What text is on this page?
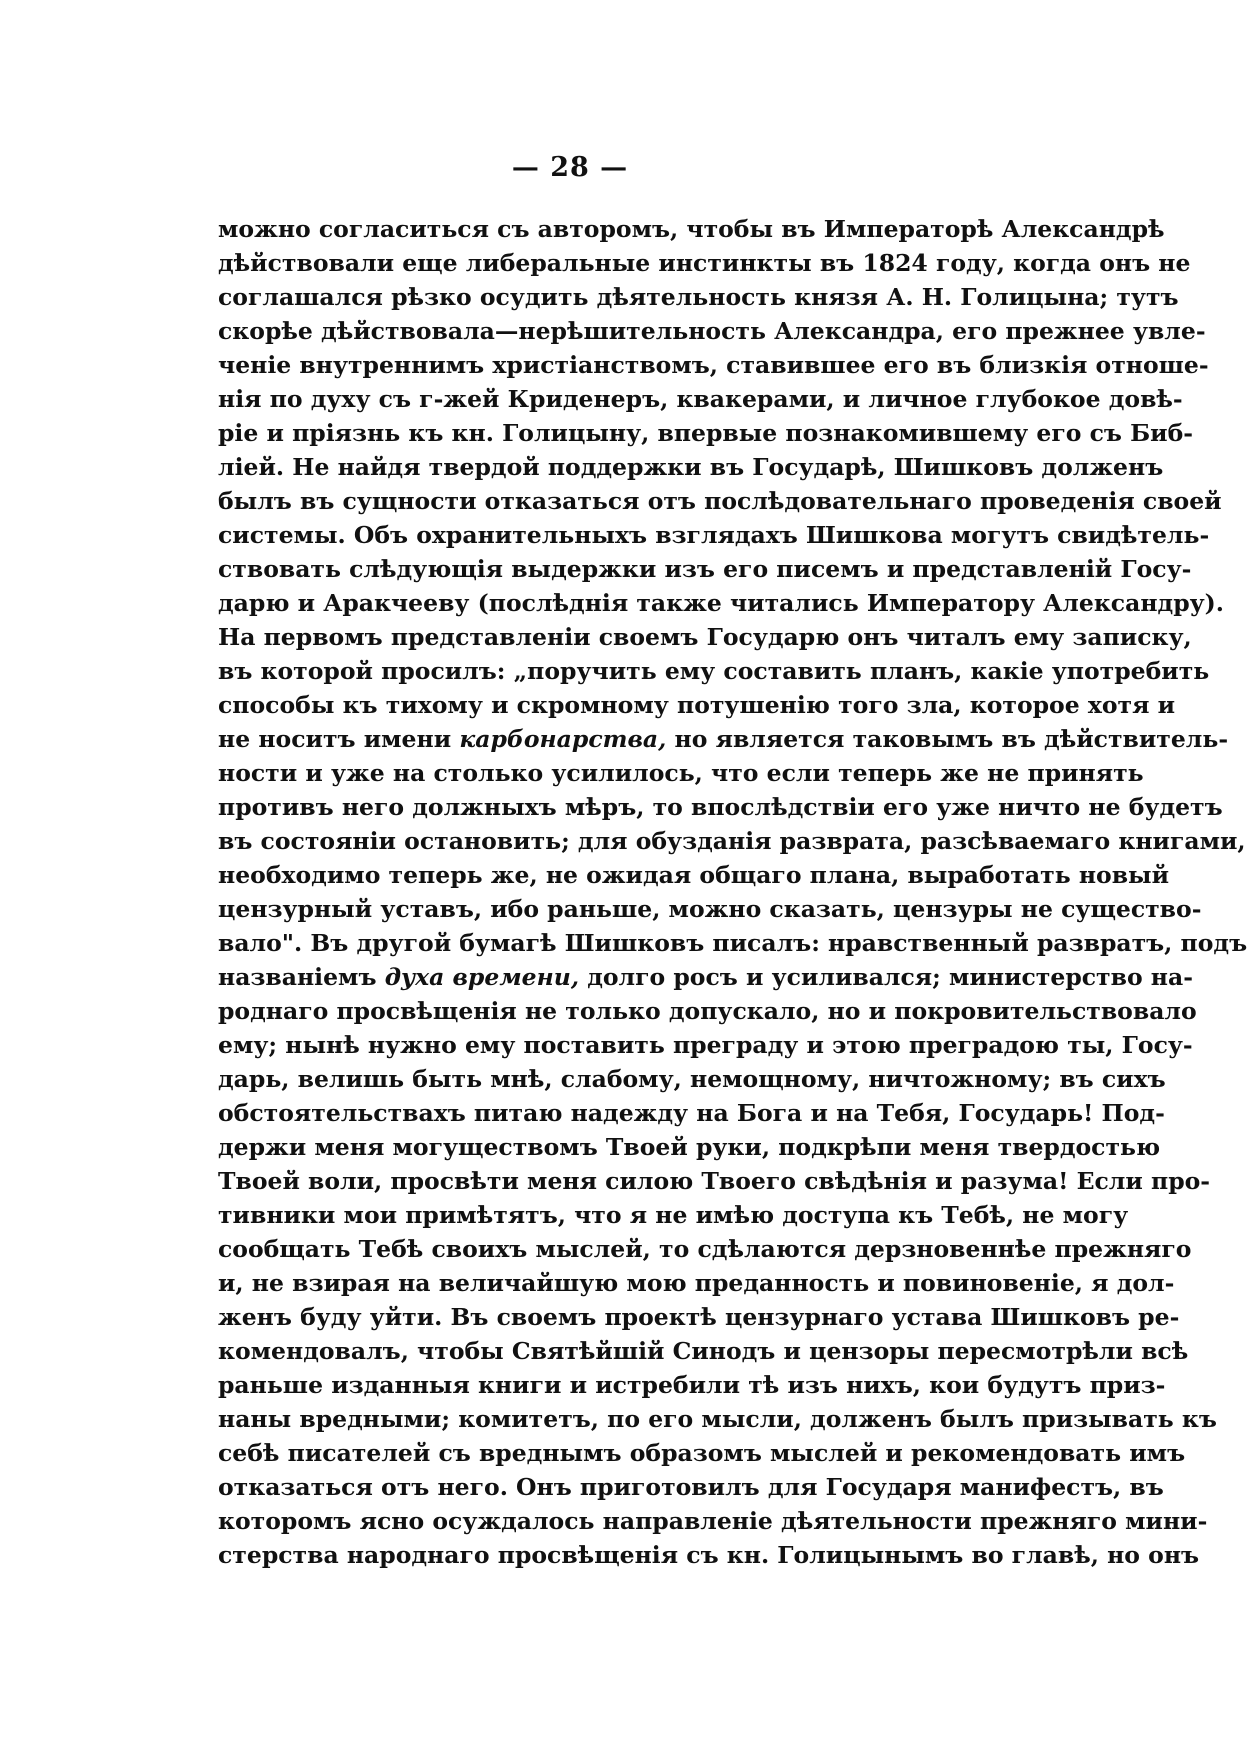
— 28 —
можно согласиться съ авторомъ, чтобы въ Императорѣ Александрѣ
дѣйствовали еще либеральные инстинкты въ 1824 году, когда онъ не
соглашался рѣзко осудить дѣятельность князя А. Н. Голицына; тутъ
скорѣе дѣйствовала—нерѣшительность Александра, его прежнее увле-
ченіе внутреннимъ христіанствомъ, ставившее его въ близкія отноше-
нія по духу съ г-жей Криденеръ, квакерами, и личное глубокое довѣ-
ріе и пріязнь къ кн. Голицыну, впервые познакомившему его съ Биб-
ліей. Не найдя твердой поддержки въ Государѣ, Шишковъ долженъ
былъ въ сущности отказаться отъ послѣдовательнаго проведенія своей
системы. Объ охранительныхъ взглядахъ Шишкова могутъ свидѣтель-
ствовать слѣдующія выдержки изъ его писемъ и представленій Госу-
дарю и Аракчееву (послѣднія также читались Императору Александру).
На первомъ представленіи своемъ Государю онъ читалъ ему записку,
въ которой просилъ: „поручить ему составить планъ, какіе употребить
способы къ тихому и скромному потушенію того зла, которое хотя и
не носитъ имени карбонарства, но является таковымъ въ дѣйствитель-
ности и уже на столько усилилось, что если теперь же не принять
противъ него должныхъ мѣръ, то впослѣдствіи его уже ничто не будетъ
въ состояніи остановить; для обузданія разврата, разсѣваемаго книгами,
необходимо теперь же, не ожидая общаго плана, выработать новый
цензурный уставъ, ибо раньше, можно сказать, цензуры не существо-
вало". Въ другой бумагѣ Шишковъ писалъ: нравственный развратъ, подъ
названіемъ духа времени, долго росъ и усиливался; министерство на-
роднаго просвѣщенія не только допускало, но и покровительствовало
ему; нынѣ нужно ему поставить преграду и этою преградою ты, Госу-
дарь, велишь быть мнѣ, слабому, немощному, ничтожному; въ сихъ
обстоятельствахъ питаю надежду на Бога и на Тебя, Государь! Под-
держи меня могуществомъ Твоей руки, подкрѣпи меня твердостью
Твоей воли, просвѣти меня силою Твоего свѣдѣнія и разума! Если про-
тивники мои примѣтятъ, что я не имѣю доступа къ Тебѣ, не могу
сообщать Тебѣ своихъ мыслей, то сдѣлаются дерзновеннѣе прежняго
и, не взирая на величайшую мою преданность и повиновеніе, я дол-
женъ буду уйти. Въ своемъ проектѣ цензурнаго устава Шишковъ ре-
комендовалъ, чтобы Святѣйшій Синодъ и цензоры пересмотрѣли всѣ
раньше изданныя книги и истребили тѣ изъ нихъ, кои будутъ приз-
наны вредными; комитетъ, по его мысли, долженъ былъ призывать къ
себѣ писателей съ вреднымъ образомъ мыслей и рекомендовать имъ
отказаться отъ него. Онъ приготовилъ для Государя манифестъ, въ
которомъ ясно осуждалось направленіе дѣятельности прежняго мини-
стерства народнаго просвѣщенія съ кн. Голицынымъ во главѣ, но онъ
